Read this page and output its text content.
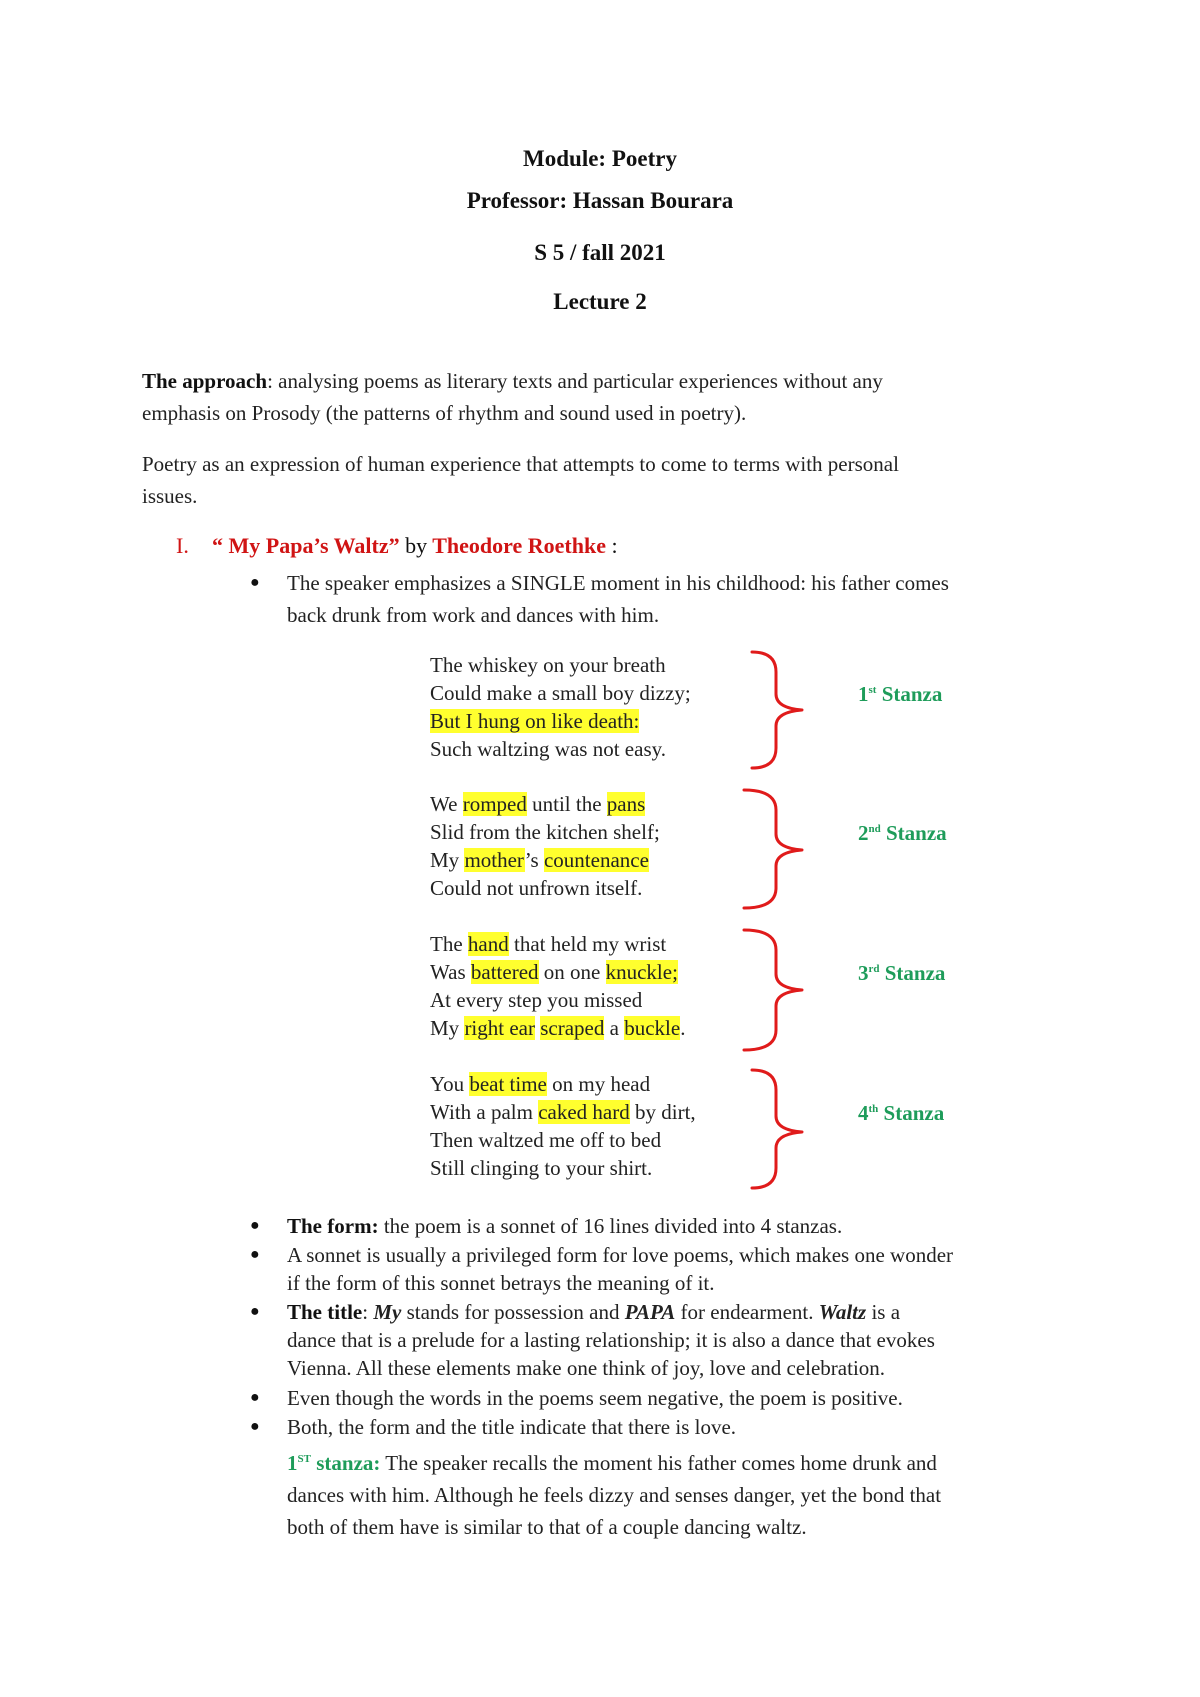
Module: Poetry
Professor: Hassan Bourara
S 5 / fall 2021
Lecture 2
The approach: analysing poems as literary texts and particular experiences without any
emphasis on Prosody (the patterns of rhythm and sound used in poetry).
Poetry as an expression of human experience that attempts to come to terms with personal
issues.
I. “ My Papa’s Waltz” by Theodore Roethke :
●	The speaker emphasizes a SINGLE moment in his childhood: his father comes
back drunk from work and dances with him.
The whiskey on your breath
Could make a small boy dizzy;
But I hung on like death:
Such waltzing was not easy.
1st Stanza
We romped until the pans
Slid from the kitchen shelf;
My mother’s countenance
Could not unfrown itself.
2nd Stanza
The hand that held my wrist
Was battered on one knuckle;
At every step you missed
My right ear scraped a buckle.
3rd Stanza
You beat time on my head
With a palm caked hard by dirt,
Then waltzed me off to bed
Still clinging to your shirt.
4th Stanza
●	The form: the poem is a sonnet of 16 lines divided into 4 stanzas.
●	A sonnet is usually a privileged form for love poems, which makes one wonder
if the form of this sonnet betrays the meaning of it.
●	The title: My stands for possession and PAPA for endearment. Waltz is a
dance that is a prelude for a lasting relationship; it is also a dance that evokes
Vienna. All these elements make one think of joy, love and celebration.
●	Even though the words in the poems seem negative, the poem is positive.
●	Both, the form and the title indicate that there is love.
1ST stanza: The speaker recalls the moment his father comes home drunk and
dances with him. Although he feels dizzy and senses danger, yet the bond that
both of them have is similar to that of a couple dancing waltz.
